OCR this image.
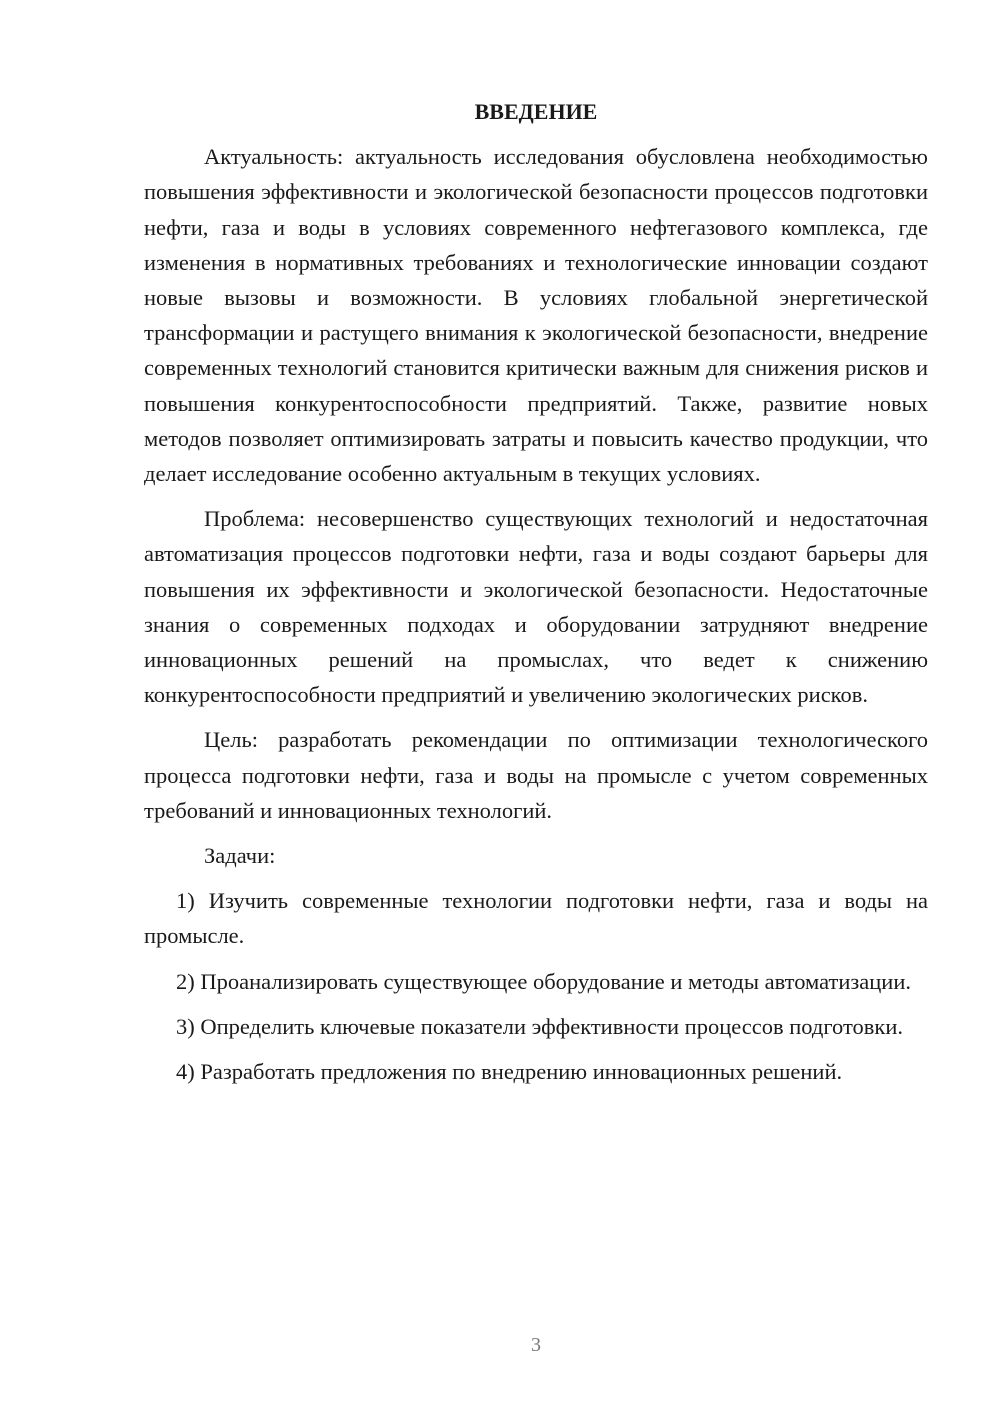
ВВЕДЕНИЕ

Актуальность: актуальность исследования обусловлена необходимостью повышения эффективности и экологической безопасности процессов подготовки нефти, газа и воды в условиях современного нефтегазового комплекса, где изменения в нормативных требованиях и технологические инновации создают новые вызовы и возможности. В условиях глобальной энергетической трансформации и растущего внимания к экологической безопасности, внедрение современных технологий становится критически важным для снижения рисков и повышения конкурентоспособности предприятий. Также, развитие новых методов позволяет оптимизировать затраты и повысить качество продукции, что делает исследование особенно актуальным в текущих условиях.

Проблема: несовершенство существующих технологий и недостаточная автоматизация процессов подготовки нефти, газа и воды создают барьеры для повышения их эффективности и экологической безопасности. Недостаточные знания о современных подходах и оборудовании затрудняют внедрение инновационных решений на промыслах, что ведет к снижению конкурентоспособности предприятий и увеличению экологических рисков.

Цель: разработать рекомендации по оптимизации технологического процесса подготовки нефти, газа и воды на промысле с учетом современных требований и инновационных технологий.

Задачи:

1) Изучить современные технологии подготовки нефти, газа и воды на промысле.

2) Проанализировать существующее оборудование и методы автоматизации.

3) Определить ключевые показатели эффективности процессов подготовки.

4) Разработать предложения по внедрению инновационных решений.

3
